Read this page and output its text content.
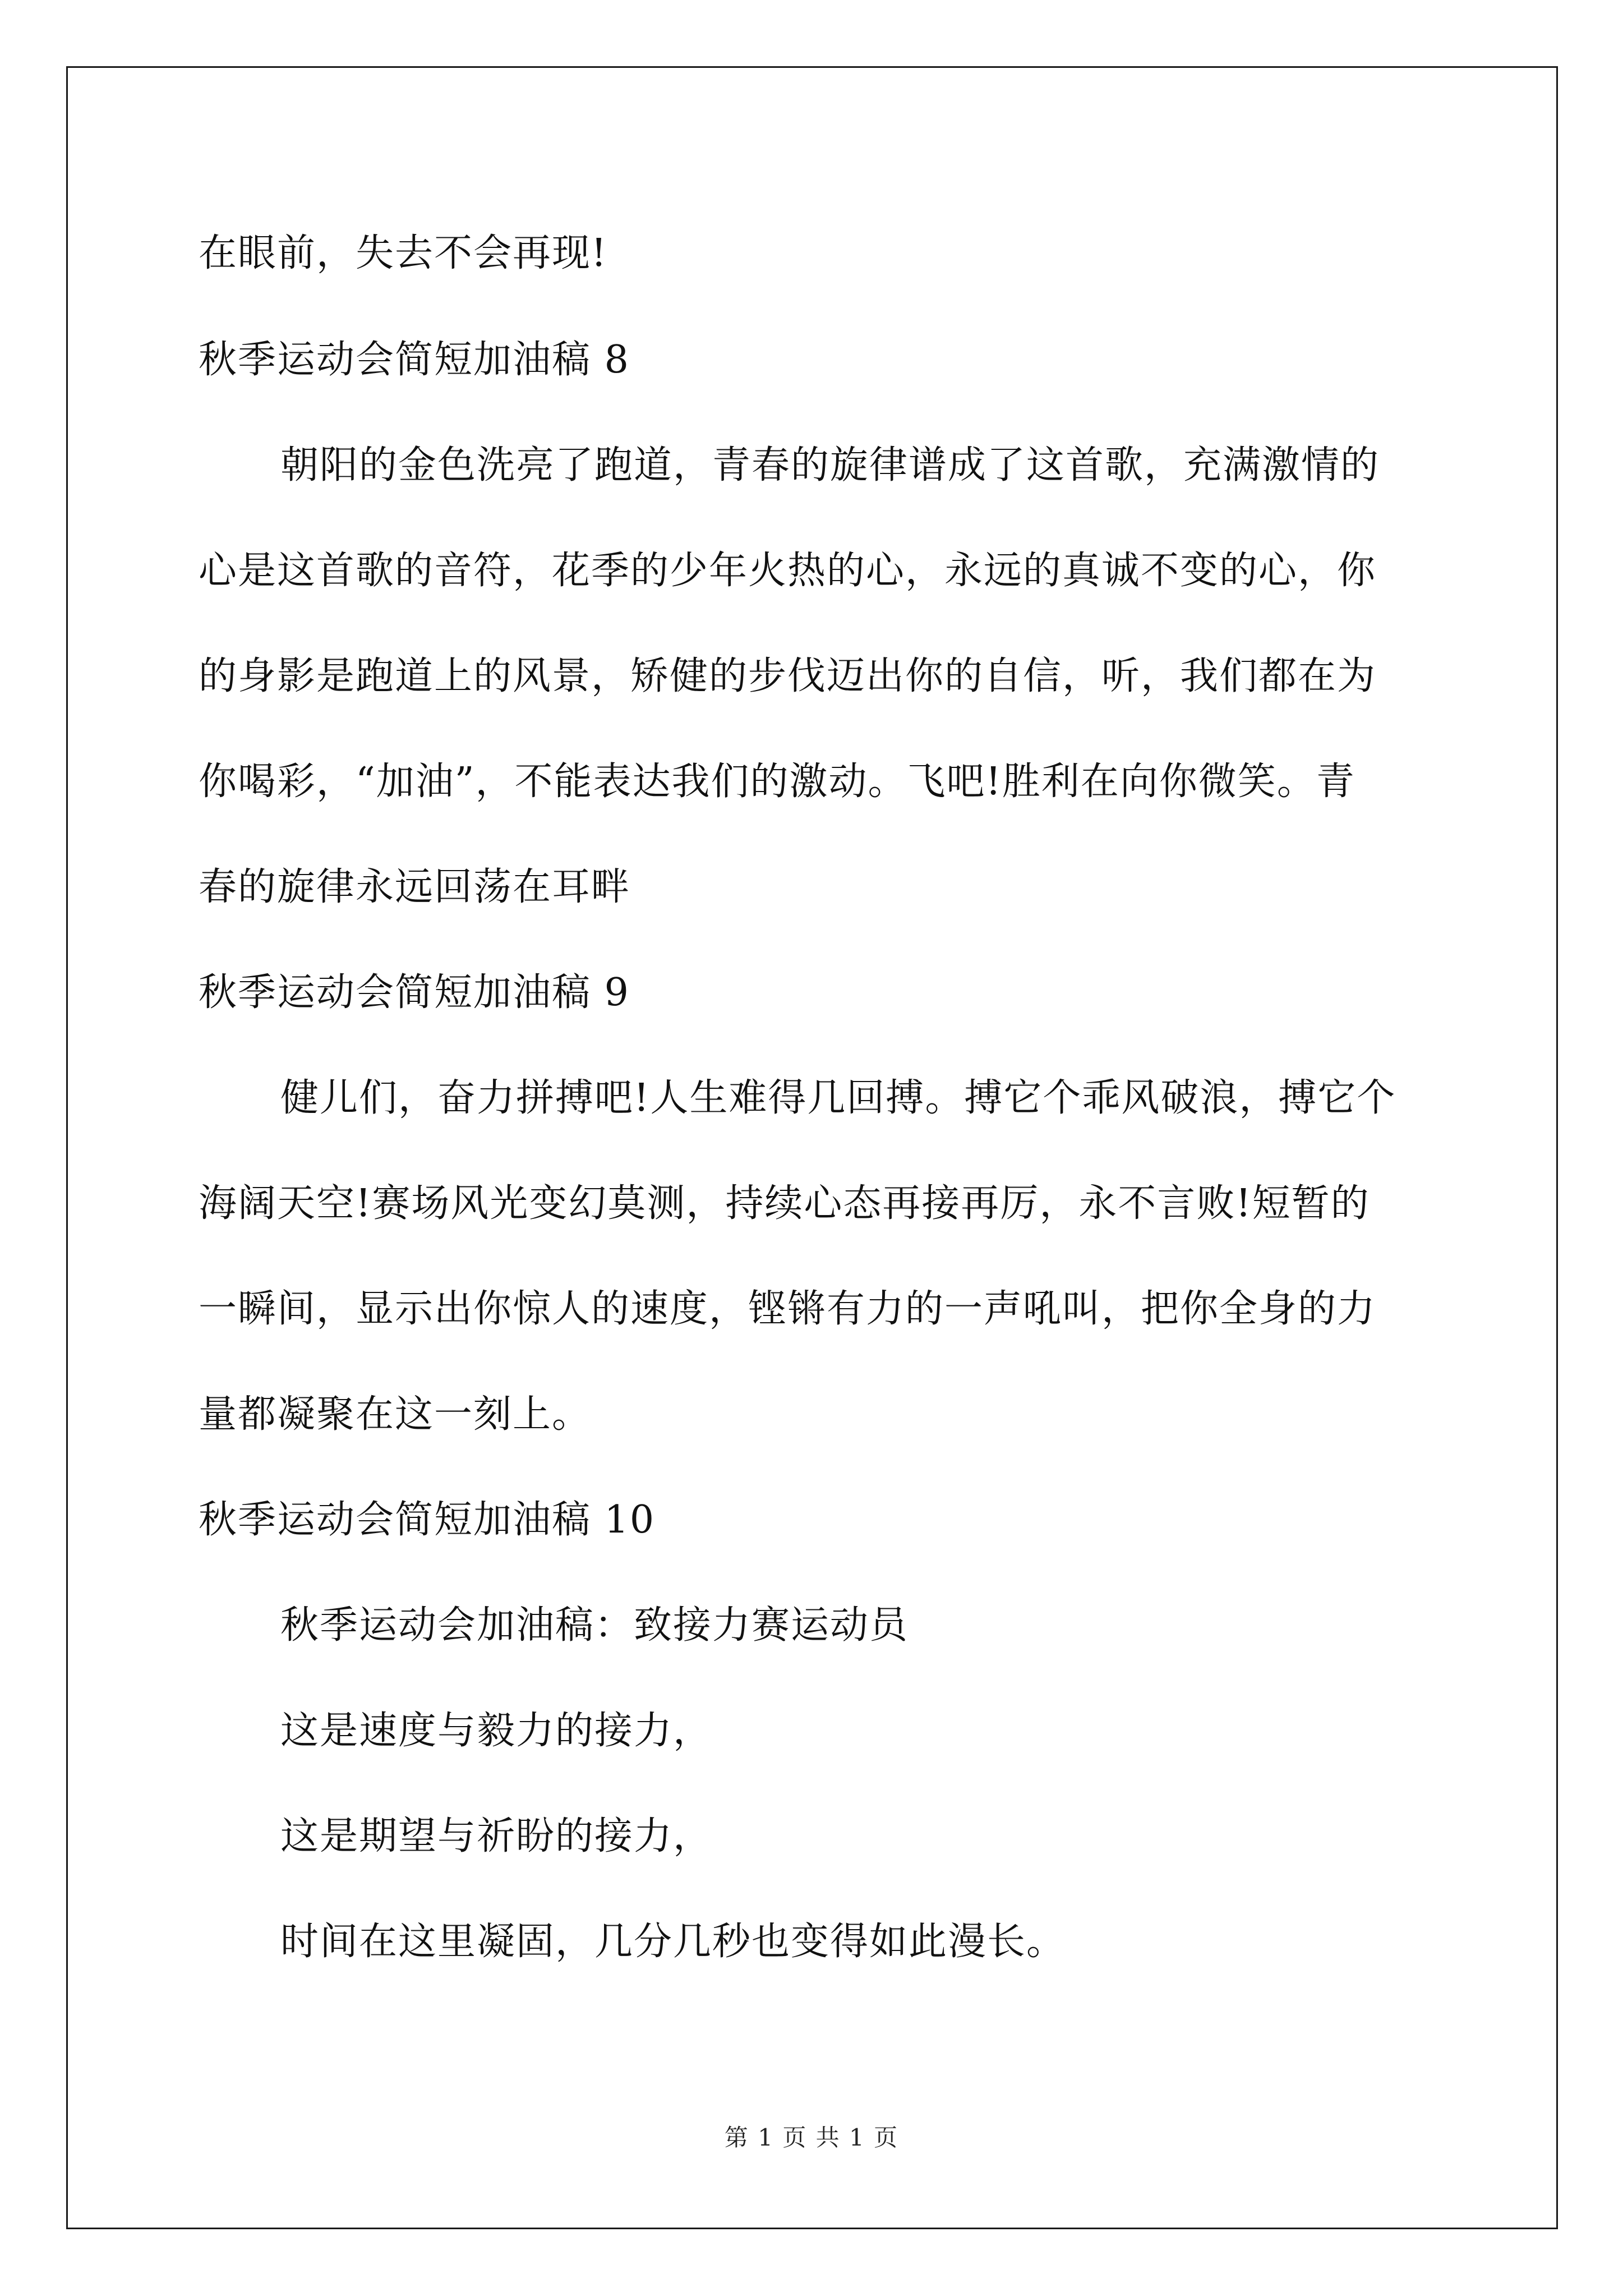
在眼前，失去不会再现!
秋季运动会简短加油稿 8
朝阳的金色洗亮了跑道，青春的旋律谱成了这首歌，充满激情的
心是这首歌的音符，花季的少年火热的心，永远的真诚不变的心，你
的身影是跑道上的风景，矫健的步伐迈出你的自信，听，我们都在为
你喝彩，“加油”，不能表达我们的激动。飞吧!胜利在向你微笑。青
春的旋律永远回荡在耳畔
秋季运动会简短加油稿 9
健儿们，奋力拼搏吧!人生难得几回搏。搏它个乖风破浪，搏它个
海阔天空!赛场风光变幻莫测，持续心态再接再厉，永不言败!短暂的
一瞬间，显示出你惊人的速度，铿锵有力的一声吼叫，把你全身的力
量都凝聚在这一刻上。
秋季运动会简短加油稿 10
秋季运动会加油稿：致接力赛运动员
这是速度与毅力的接力，
这是期望与祈盼的接力，
时间在这里凝固，几分几秒也变得如此漫长。
第 1 页 共 1 页
